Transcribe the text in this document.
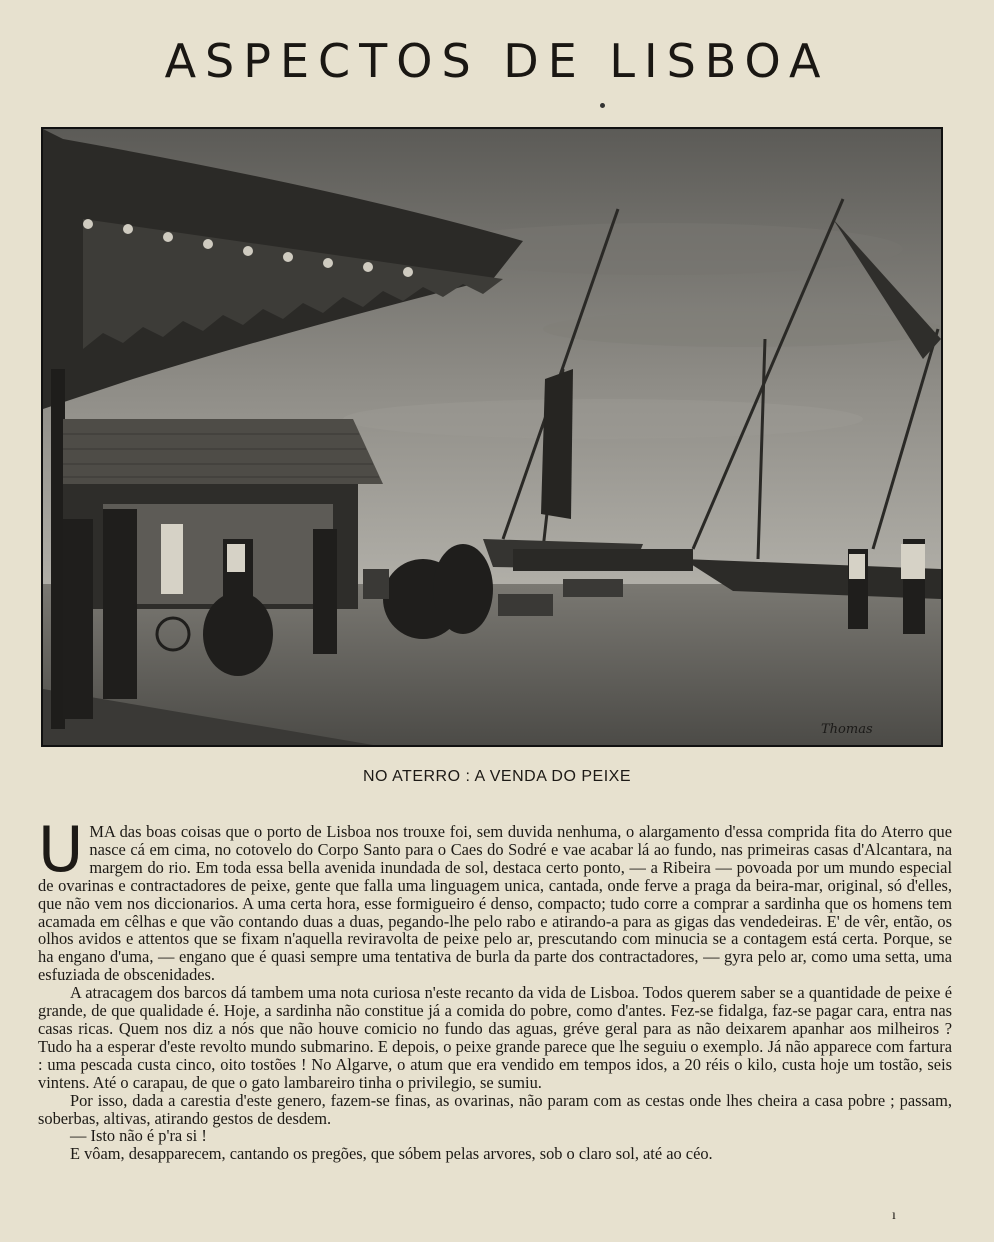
ASPECTOS DE LISBOA
Thomas
NO ATERRO : A VENDA DO PEIXE

UMA das boas coisas que o porto de Lisboa nos trouxe foi, sem duvida nenhuma, o alargamento d'essa comprida fita do Aterro que nasce cá em cima, no cotovelo do Corpo Santo para o Caes do Sodré e vae acabar lá ao fundo, nas primeiras casas d'Alcantara, na margem do rio. Em toda essa bella avenida inundada de sol, destaca certo ponto, — a Ribeira — povoada por um mundo especial de ovarinas e contractadores de peixe, gente que falla uma linguagem unica, cantada, onde ferve a praga da beira-mar, original, só d'elles, que não vem nos diccionarios. A uma certa hora, esse formigueiro é denso, compacto; tudo corre a comprar a sardinha que os homens tem acamada em cêlhas e que vão contando duas a duas, pegando-lhe pelo rabo e atirando-a para as gigas das vendedeiras. E' de vêr, então, os olhos avidos e attentos que se fixam n'aquella reviravolta de peixe pelo ar, prescutando com minucia se a contagem está certa. Porque, se ha engano d'uma, — engano que é quasi sempre uma tentativa de burla da parte dos contractadores, — gyra pelo ar, como uma setta, uma esfuziada de obscenidades.

A atracagem dos barcos dá tambem uma nota curiosa n'este recanto da vida de Lisboa. Todos querem saber se a quantidade de peixe é grande, de que qualidade é. Hoje, a sardinha não constitue já a comida do pobre, como d'antes. Fez-se fidalga, faz-se pagar cara, entra nas casas ricas. Quem nos diz a nós que não houve comicio no fundo das aguas, gréve geral para as não deixarem apanhar aos milheiros ? Tudo ha a esperar d'este revolto mundo submarino. E depois, o peixe grande parece que lhe seguiu o exemplo. Já não apparece com fartura : uma pescada custa cinco, oito tostões ! No Algarve, o atum que era vendido em tempos idos, a 20 réis o kilo, custa hoje um tostão, seis vintens. Até o carapau, de que o gato lambareiro tinha o privilegio, se sumiu.

Por isso, dada a carestia d'este genero, fazem-se finas, as ovarinas, não param com as cestas onde lhes cheira a casa pobre ; passam, soberbas, altivas, atirando gestos de desdem.

— Isto não é p'ra si !

E vôam, desapparecem, cantando os pregões, que sóbem pelas arvores, sob o claro sol, até ao céo.

ı
